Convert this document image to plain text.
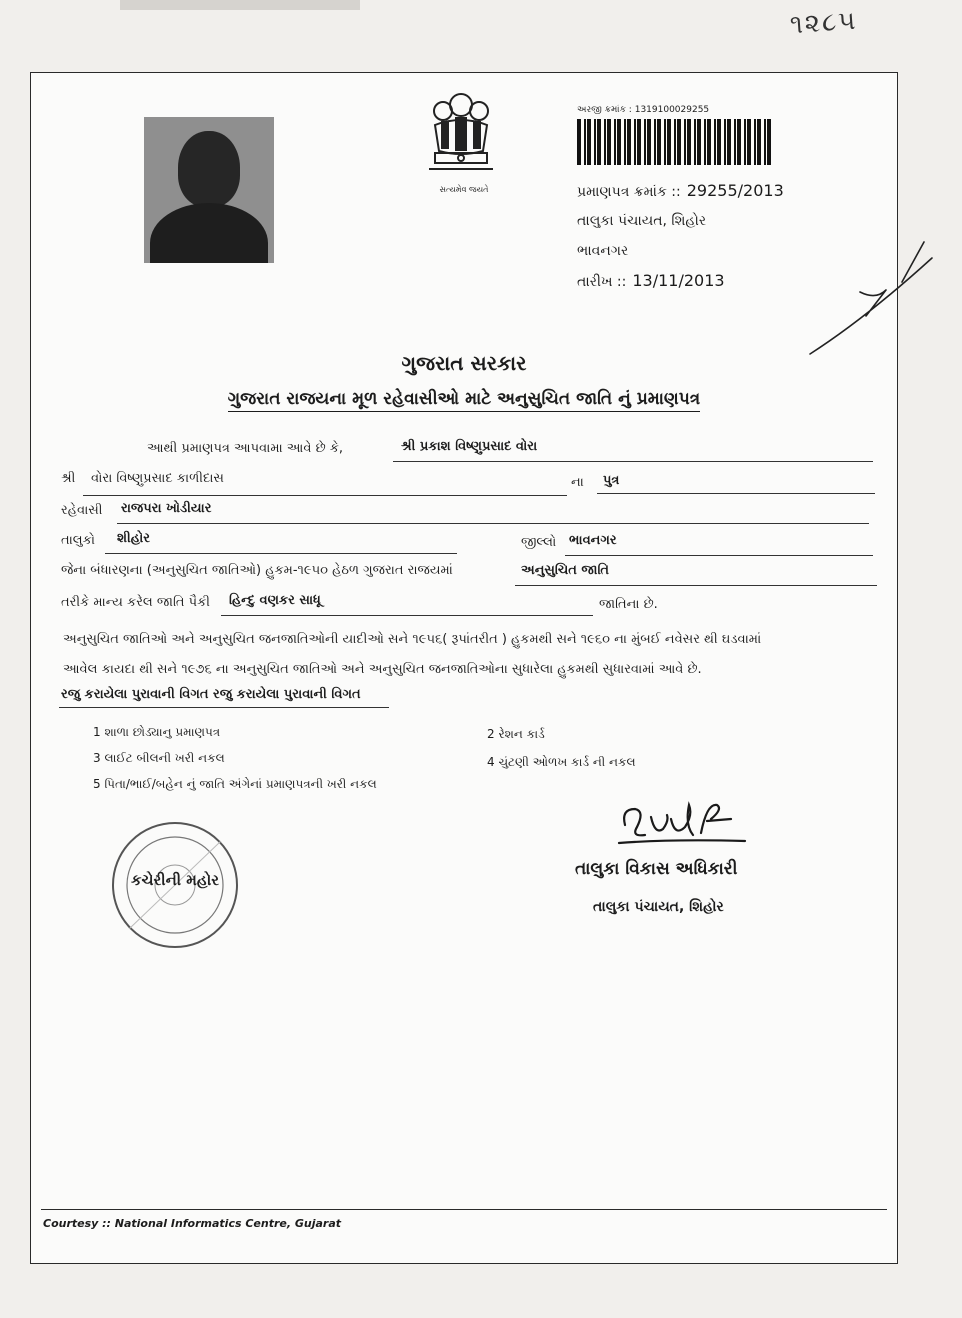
૧૨૮૫
સત્યમેવ જયતે
અરજી ક્રમાંક : 1319100029255
પ્રમાણપત્ર ક્રમાંક :: 29255/2013
તાલુકા પંચાયત, શિહોર
ભાવનગર
તારીખ :: 13/11/2013
ગુજરાત સરકાર
ગુજરાત રાજયના મૂળ રહેવાસીઓ માટે અનુસુચિત જાતિ નું પ્રમાણપત્ર
આથી પ્રમાણપત્ર આપવામા આવે છે કે,	શ્રી પ્રકાશ વિષ્ણુપ્રસાદ વોરા
શ્રી વોરા વિષ્ણુપ્રસાદ કાળીદાસ	ના પુત્ર
રહેવાસી રાજપરા ખોડીયાર
તાલુકો શીહોર	જીલ્લો ભાવનગર
જેના બંધારણના (અનુસુચિત જાતિઓ) હુકમ-૧૯૫૦ હેઠળ ગુજરાત રાજયમાં	અનુસુચિત જાતિ
તરીકે માન્ય કરેલ જાતિ પૈકી હિન્દુ વણકર સાધૂ	જાતિના છે.
અનુસુચિત જાતિઓ અને અનુસુચિત જનજાતિઓની યાદીઓ સને ૧૯૫૬( રૂપાંતરીત ) હુકમથી સને ૧૯૬૦ ના મુંબઈ નવેસર થી ઘડવામાં
આવેલ કાયદા થી સને ૧૯૭૬ ના અનુસુચિત જાતિઓ અને અનુસુચિત જનજાતિઓના સુધારેલા હુકમથી સુધારવામાં આવે છે.
રજુ કરાયેલા પુરાવાની વિગત રજુ કરાયેલા પુરાવાની વિગત
1 શાળા છોડ્યાનુ પ્રમાણપત્ર	2 રેશન કાર્ડ
3 લાઈટ બીલની ખરી નકલ	4 ચુંટણી ઓળખ કાર્ડ ની નકલ
5 પિતા/ભાઈ/બહેન નું જાતિ અંગેનાં પ્રમાણપત્રની ખરી નકલ
કચેરીની મહોર
તાલુકા વિકાસ અધિકારી
તાલુકા પંચાયત, શિહોર
Courtesy :: National Informatics Centre, Gujarat
